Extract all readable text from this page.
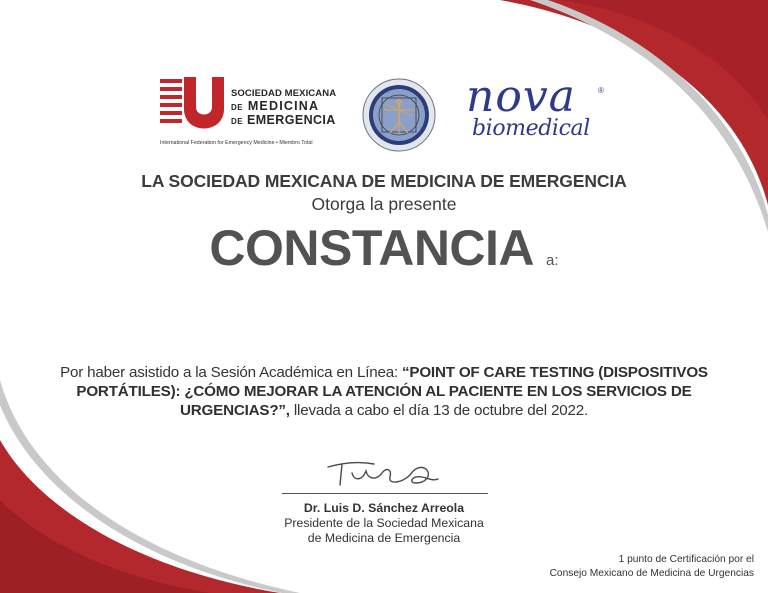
SOCIEDAD MEXICANA
DE MEDICINA
DE EMERGENCIA
International Federation for Emergency Medicine • Miembro Total
nova	®
biomedical
LA SOCIEDAD MEXICANA DE MEDICINA DE EMERGENCIA
Otorga la presente
CONSTANCIA a:
Por haber asistido a la Sesión Académica en Línea: “POINT OF CARE TESTING (DISPOSITIVOS PORTÁTILES): ¿CÓMO MEJORAR LA ATENCIÓN AL PACIENTE EN LOS SERVICIOS DE URGENCIAS?”, llevada a cabo el día 13 de octubre del 2022.
Dr. Luis D. Sánchez Arreola
Presidente de la Sociedad Mexicana
de Medicina de Emergencia
1 punto de Certificación por el
Consejo Mexicano de Medicina de Urgencias
